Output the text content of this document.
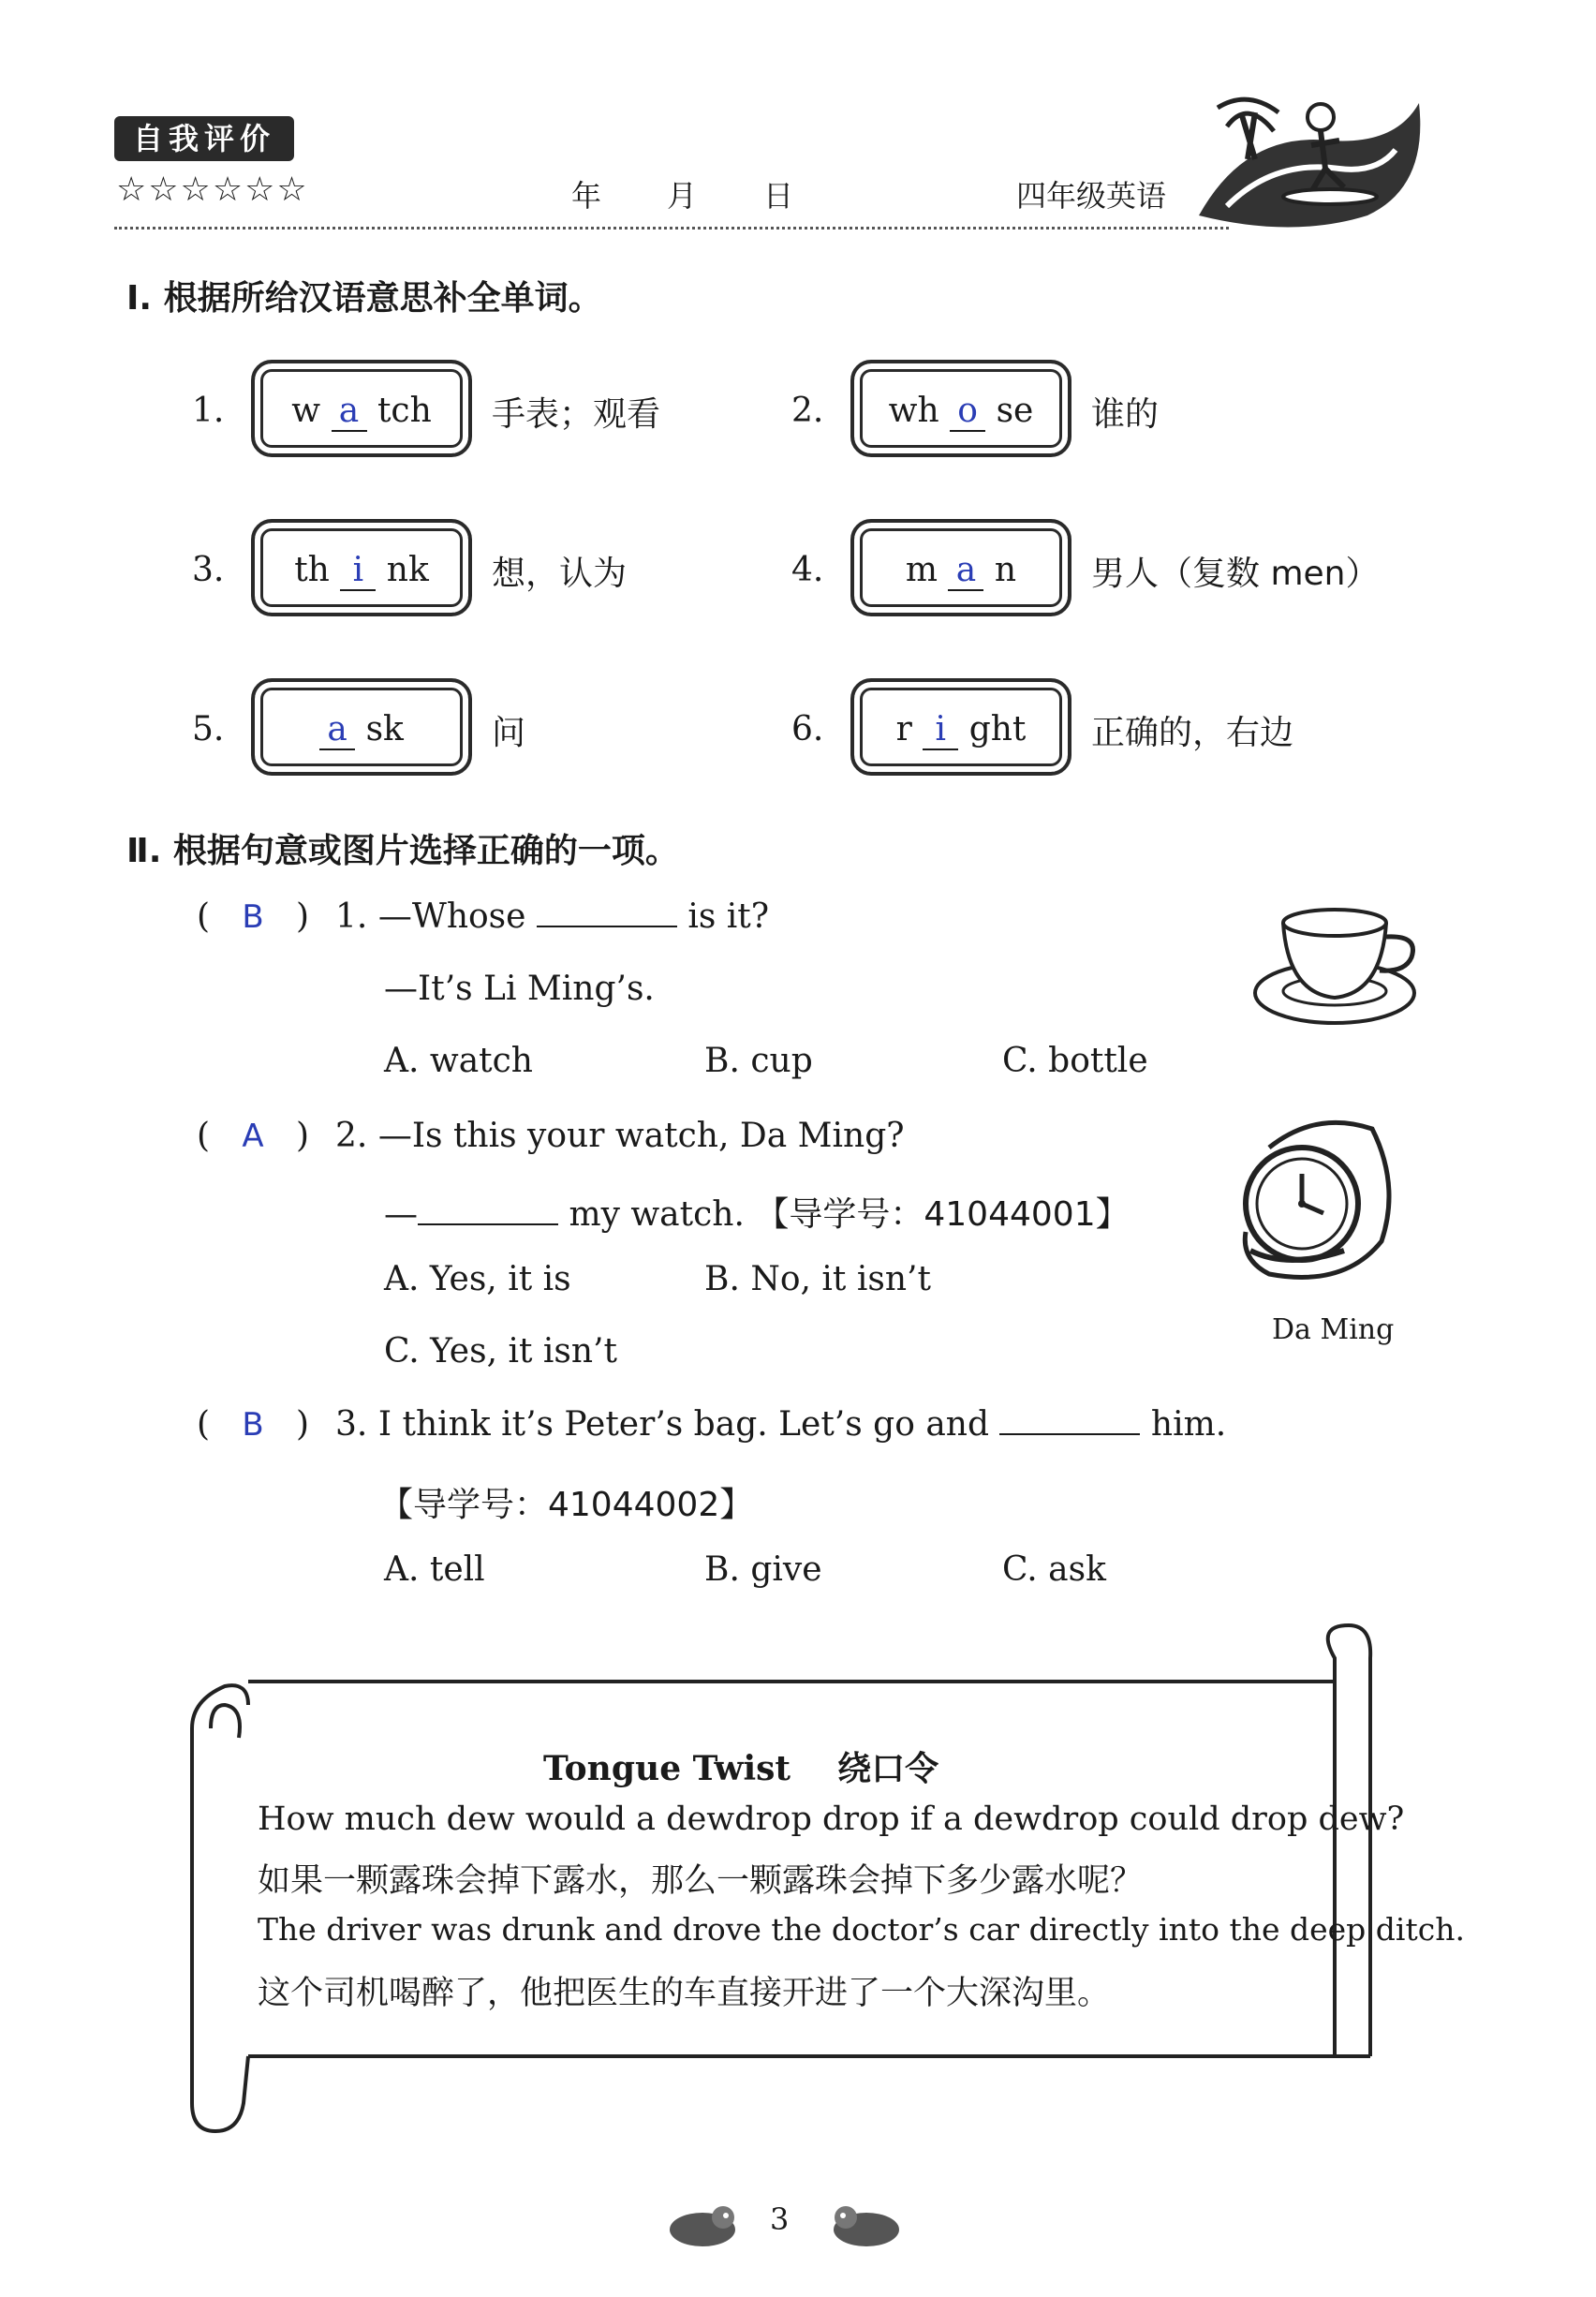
自我评价
☆☆☆☆☆☆	年 月 日	四年级英语
Ⅰ. 根据所给汉语意思补全单词。
1.	w a tch	手表；观看	2.	wh o se	谁的
3.	th i nk	想，认为	4.	m a n	男人（复数 men）
5.	a sk	问	6.	r i ght	正确的，右边
Ⅱ. 根据句意或图片选择正确的一项。
(   B   ) 1. —Whose	is it?
—It’s Li Ming’s.
A. watch	B. cup	C. bottle
(   A   ) 2. —Is this your watch, Da Ming?
—	my watch. 【导学号：41044001】
A. Yes, it is	B. No, it isn’t
C. Yes, it isn’t
Da Ming
(   B   ) 3. I think it’s Peter’s bag. Let’s go and	him.
【导学号：41044002】
A. tell	B. give	C. ask
Tongue Twist 绕口令
How much dew would a dewdrop drop if a dewdrop could drop dew?
如果一颗露珠会掉下露水，那么一颗露珠会掉下多少露水呢？
The driver was drunk and drove the doctor’s car directly into the deep ditch.
这个司机喝醉了，他把医生的车直接开进了一个大深沟里。
3
